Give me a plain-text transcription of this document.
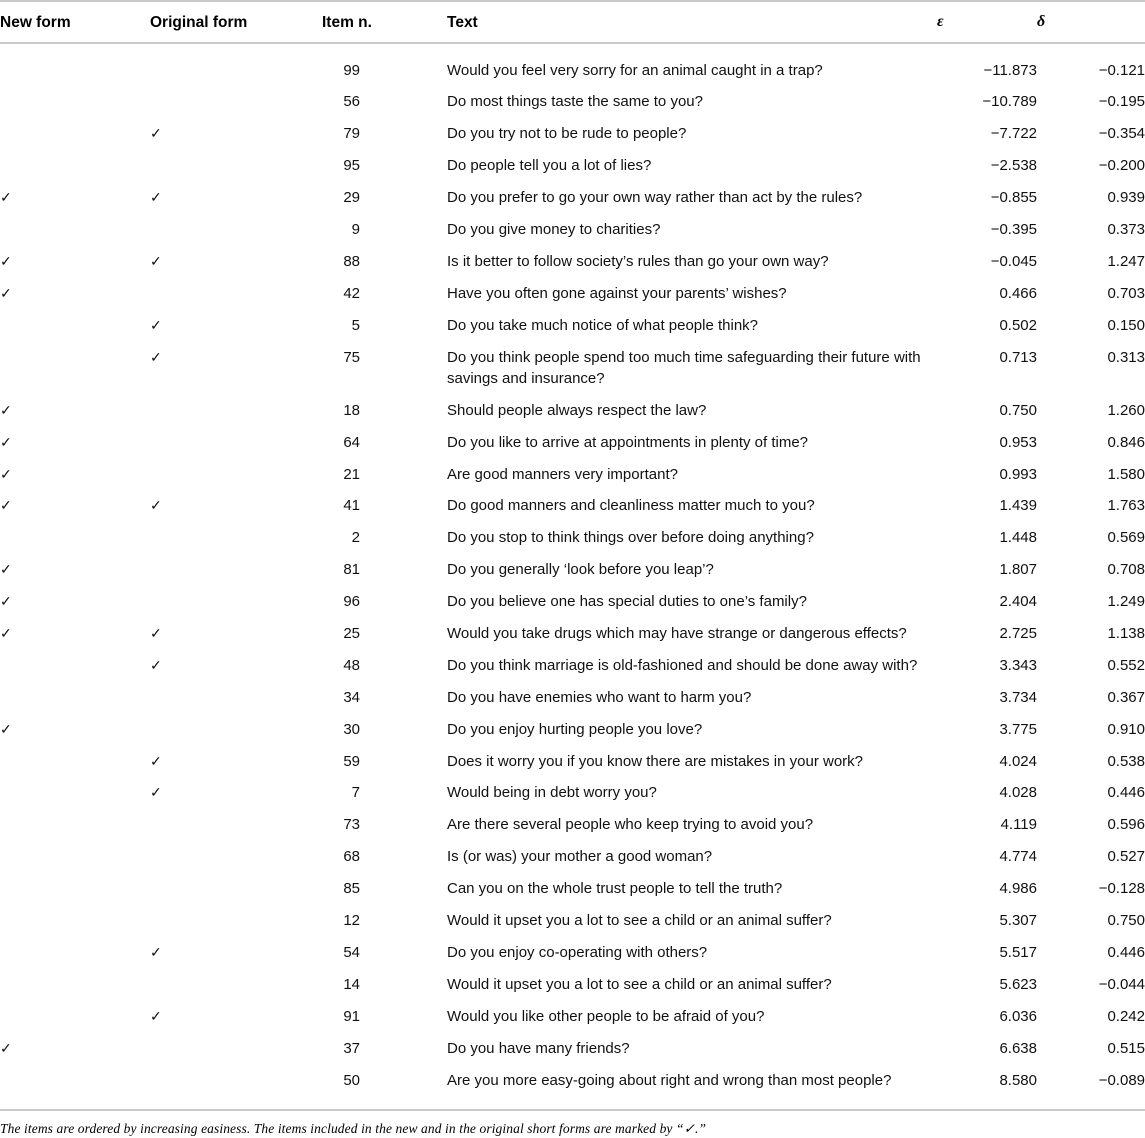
New form	Original form	Item n.	Text	ε	δ
		99	Would you feel very sorry for an animal caught in a trap?	−11.873	−0.121
		56	Do most things taste the same to you?	−10.789	−0.195
	✓	79	Do you try not to be rude to people?	−7.722	−0.354
		95	Do people tell you a lot of lies?	−2.538	−0.200
✓	✓	29	Do you prefer to go your own way rather than act by the rules?	−0.855	0.939
		9	Do you give money to charities?	−0.395	0.373
✓	✓	88	Is it better to follow society’s rules than go your own way?	−0.045	1.247
✓		42	Have you often gone against your parents’ wishes?	0.466	0.703
	✓	5	Do you take much notice of what people think?	0.502	0.150
	✓	75	Do you think people spend too much time safeguarding their future with savings and insurance?	0.713	0.313
✓		18	Should people always respect the law?	0.750	1.260
✓		64	Do you like to arrive at appointments in plenty of time?	0.953	0.846
✓		21	Are good manners very important?	0.993	1.580
✓	✓	41	Do good manners and cleanliness matter much to you?	1.439	1.763
		2	Do you stop to think things over before doing anything?	1.448	0.569
✓		81	Do you generally ‘look before you leap’?	1.807	0.708
✓		96	Do you believe one has special duties to one’s family?	2.404	1.249
✓	✓	25	Would you take drugs which may have strange or dangerous effects?	2.725	1.138
	✓	48	Do you think marriage is old-fashioned and should be done away with?	3.343	0.552
		34	Do you have enemies who want to harm you?	3.734	0.367
✓		30	Do you enjoy hurting people you love?	3.775	0.910
	✓	59	Does it worry you if you know there are mistakes in your work?	4.024	0.538
	✓	7	Would being in debt worry you?	4.028	0.446
		73	Are there several people who keep trying to avoid you?	4.119	0.596
		68	Is (or was) your mother a good woman?	4.774	0.527
		85	Can you on the whole trust people to tell the truth?	4.986	−0.128
		12	Would it upset you a lot to see a child or an animal suffer?	5.307	0.750
	✓	54	Do you enjoy co-operating with others?	5.517	0.446
		14	Would it upset you a lot to see a child or an animal suffer?	5.623	−0.044
	✓	91	Would you like other people to be afraid of you?	6.036	0.242
✓		37	Do you have many friends?	6.638	0.515
		50	Are you more easy-going about right and wrong than most people?	8.580	−0.089
The items are ordered by increasing easiness. The items included in the new and in the original short forms are marked by “✓.”
